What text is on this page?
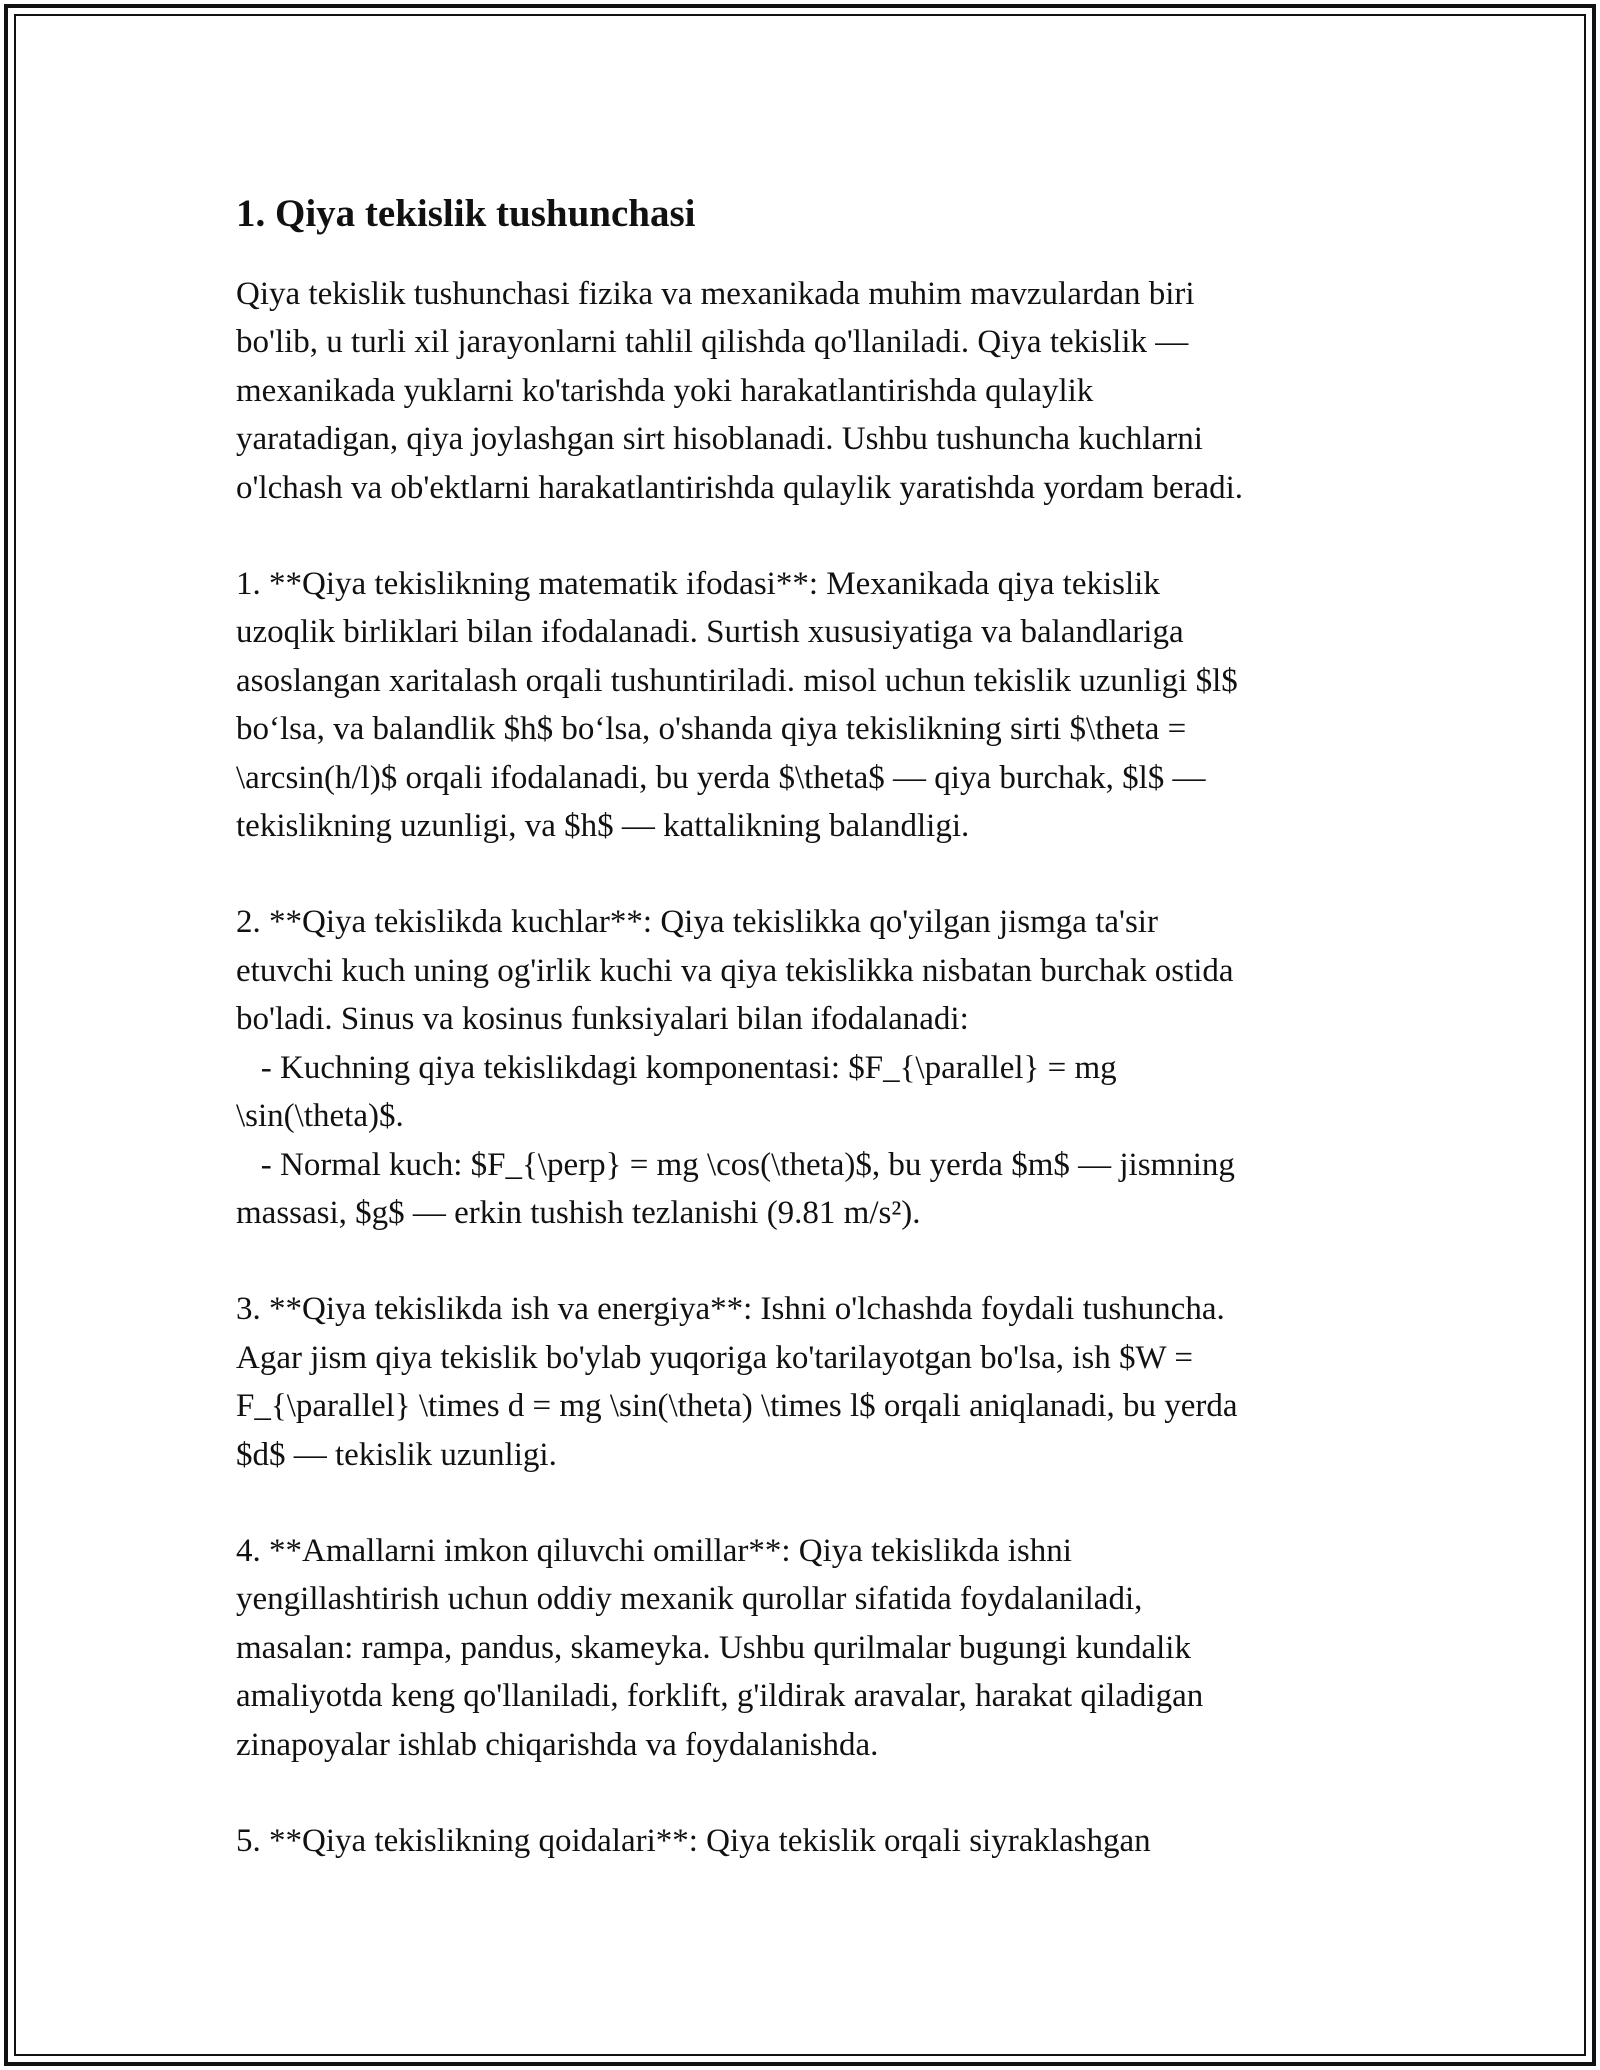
1. Qiya tekislik tushunchasi
Qiya tekislik tushunchasi fizika va mexanikada muhim mavzulardan biri
bo'lib, u turli xil jarayonlarni tahlil qilishda qo'llaniladi. Qiya tekislik —
mexanikada yuklarni ko'tarishda yoki harakatlantirishda qulaylik
yaratadigan, qiya joylashgan sirt hisoblanadi. Ushbu tushuncha kuchlarni
o'lchash va ob'ektlarni harakatlantirishda qulaylik yaratishda yordam beradi.
1. **Qiya tekislikning matematik ifodasi**: Mexanikada qiya tekislik
uzoqlik birliklari bilan ifodalanadi. Surtish xususiyatiga va balandlariga
asoslangan xaritalash orqali tushuntiriladi. misol uchun tekislik uzunligi $l$
bo‘lsa, va balandlik $h$ bo‘lsa, o'shanda qiya tekislikning sirti $\theta =
\arcsin(h/l)$ orqali ifodalanadi, bu yerda $\theta$ — qiya burchak, $l$ —
tekislikning uzunligi, va $h$ — kattalikning balandligi.
2. **Qiya tekislikda kuchlar**: Qiya tekislikka qo'yilgan jismga ta'sir
etuvchi kuch uning og'irlik kuchi va qiya tekislikka nisbatan burchak ostida
bo'ladi. Sinus va kosinus funksiyalari bilan ifodalanadi:
- Kuchning qiya tekislikdagi komponentasi: $F_{\parallel} = mg
\sin(\theta)$.
- Normal kuch: $F_{\perp} = mg \cos(\theta)$, bu yerda $m$ — jismning
massasi, $g$ — erkin tushish tezlanishi (9.81 m/s²).
3. **Qiya tekislikda ish va energiya**: Ishni o'lchashda foydali tushuncha.
Agar jism qiya tekislik bo'ylab yuqoriga ko'tarilayotgan bo'lsa, ish $W =
F_{\parallel} \times d = mg \sin(\theta) \times l$ orqali aniqlanadi, bu yerda
$d$ — tekislik uzunligi.
4. **Amallarni imkon qiluvchi omillar**: Qiya tekislikda ishni
yengillashtirish uchun oddiy mexanik qurollar sifatida foydalaniladi,
masalan: rampa, pandus, skameyka. Ushbu qurilmalar bugungi kundalik
amaliyotda keng qo'llaniladi, forklift, g'ildirak aravalar, harakat qiladigan
zinapoyalar ishlab chiqarishda va foydalanishda.
5. **Qiya tekislikning qoidalari**: Qiya tekislik orqali siyraklashgan
